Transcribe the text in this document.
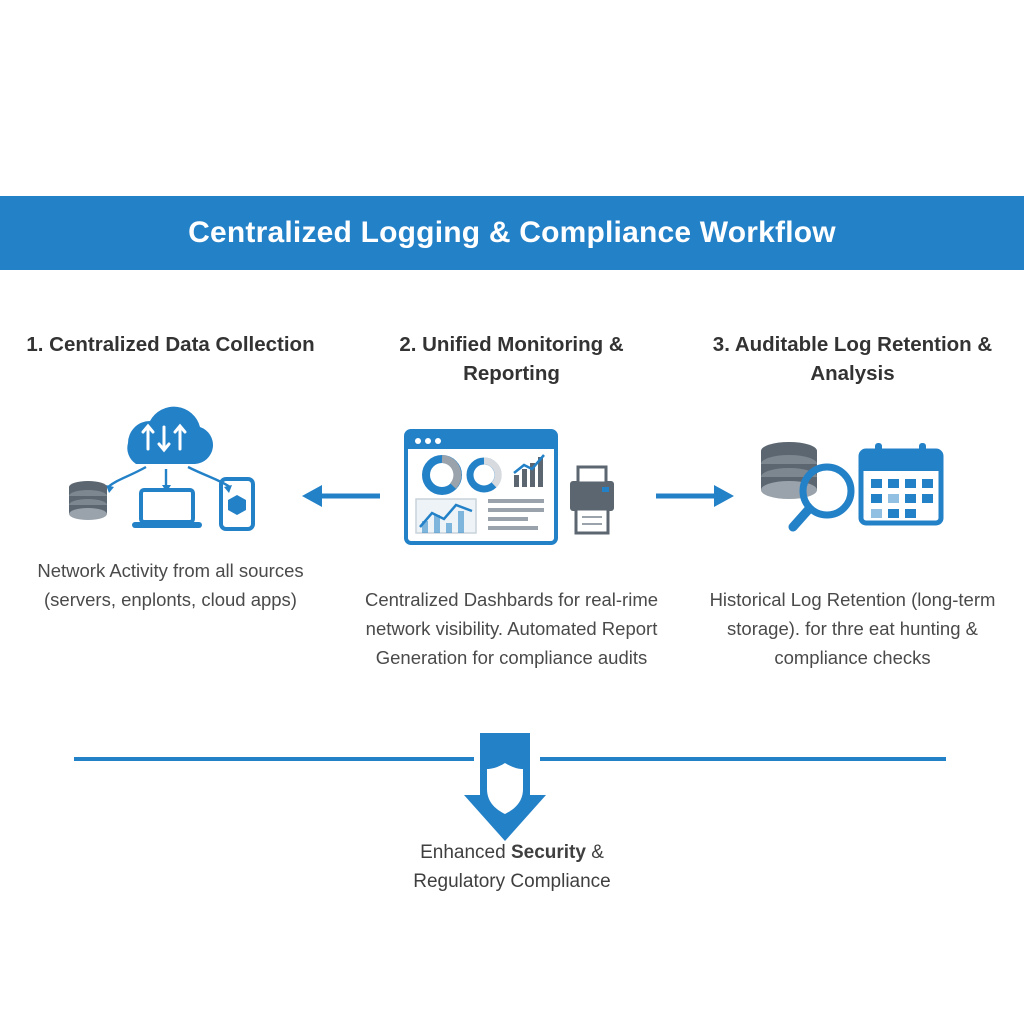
Centralized Logging & Compliance Workflow
1. Centralized Data Collection
Network Activity from all sources (servers, enplonts, cloud apps)
2. Unified Monitoring & Reporting
Centralized Dashbards for real-rime network visibility. Automated Report Generation for compliance audits
3. Auditable Log Retention & Analysis
Historical Log Retention (long-term storage). for thre eat hunting & compliance checks
Enhanced Security &
Regulatory Compliance
